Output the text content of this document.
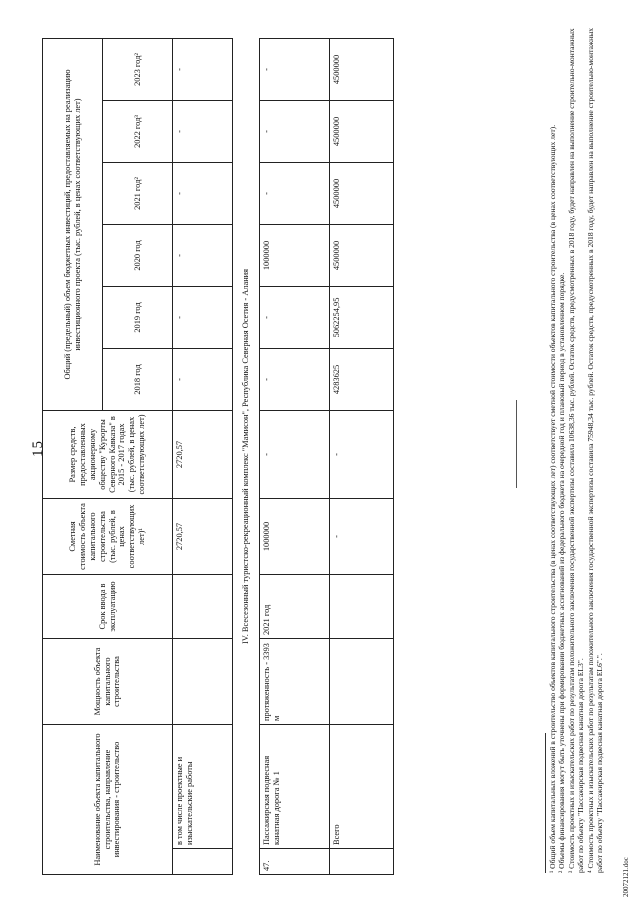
15
Наименование объекта капитального строительства, направление инвестирования - строительство		Мощность объекта капитального строительства	Срок ввода в эксплуатацию	Сметная стоимость объекта капитального строительства (тыс. рублей, в ценах соответствующих лет)¹	Размер средств, предоставленных акционерному обществу "Курорты Северного Кавказа" в 2015 - 2017 годах (тыс. рублей, в ценах соответствующих лет)	Общий (предельный) объем бюджетных инвестиций, предоставляемых на реализацию инвестиционного проекта (тыс. рублей, в ценах соответствующих лет)					
						2018 год	2019 год	2020 год	2021 год²	2022 год³	2023 год²
	в том числе проектные и изыскательские работы			2720,57	2720,57	-	-	-	-	-	-
IV. Всесезонный туристско-рекреационный комплекс "Мамисон", Республика Северная Осетия - Алания											
47.	Пассажирская подвесная канатная дорога № 1	протяженность - 3393 м	2021 год	1000000	-	-	-	1000000	-	-	-
	Всего			-	-	4283625	5062254,95	4500000	4500000	4500000	4500000

¹ Общий объем капитальных вложений в строительство объектов капитального строительства (в ценах соответствующих лет) соответствует сметной стоимости объектов капитального строительства (в ценах соответствующих лет). ² Объемы финансирования могут быть уточнены при формировании бюджетных ассигнований из федерального бюджета на очередной год и плановый период в установленном порядке. ³ Стоимость проектных и изыскательских работ по результатам положительного заключения государственной экспертизы составила 10638,36 тыс. рублей. Остаток средств, предусмотренных в 2018 году, будет направлен на выполнение строительно-монтажных работ по объекту "Пассажирская подвесная канатная дорога EL3". ⁴ Стоимость проектных и изыскательских работ по результатам положительного заключения государственной экспертизы составила 75948,34 тыс. рублей. Остаток средств, предусмотренных в 2018 году, будет направлен на выполнение строительно-монтажных работ по объекту "Пассажирская подвесная канатная дорога EL6".".

20072121.doc
